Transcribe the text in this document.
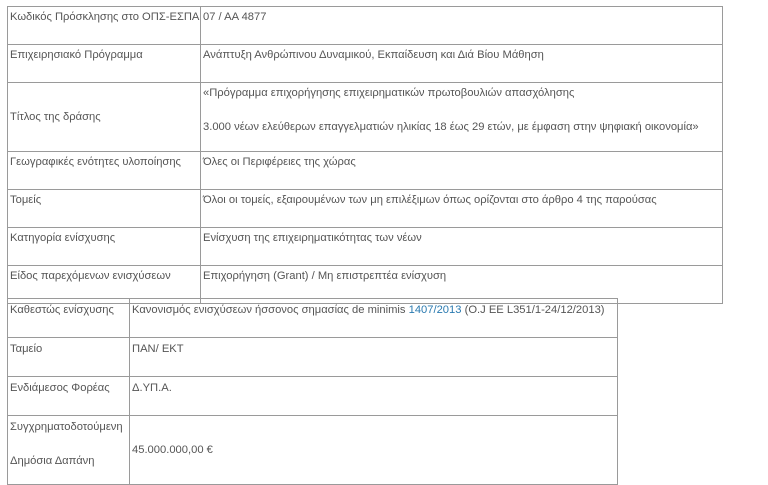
Κωδικός Πρόσκλησης στο ΟΠΣ-ΕΣΠΑ	07 / ΑΑ 4877
Επιχειρησιακό Πρόγραμμα	Ανάπτυξη Ανθρώπινου Δυναμικού, Εκπαίδευση και Διά Βίου Μάθηση
Τίτλος της δράσης	«Πρόγραμμα επιχορήγησης επιχειρηματικών πρωτοβουλιών απασχόλησης
3.000 νέων ελεύθερων επαγγελματιών ηλικίας 18 έως 29 ετών, με έμφαση στην ψηφιακή οικονομία»

Γεωγραφικές ενότητες υλοποίησης	Όλες οι Περιφέρειες της χώρας
Τομείς	Όλοι οι τομείς, εξαιρουμένων των μη επιλέξιμων όπως ορίζονται στο άρθρο 4 της παρούσας
Κατηγορία ενίσχυσης	Ενίσχυση της επιχειρηματικότητας των νέων
Είδος παρεχόμενων ενισχύσεων	Επιχορήγηση (Grant) / Μη επιστρεπτέα ενίσχυση
Καθεστώς ενίσχυσης	Κανονισμός ενισχύσεων ήσσονος σημασίας de minimis 1407/2013 (O.J EE L351/1-24/12/2013)
Ταμείο	ΠΑΝ/ ΕΚΤ
Ενδιάμεσος Φορέας	Δ.ΥΠ.Α.

Συγχρηματοδοτούμενη
Δημόσια Δαπάνη	45.000.000,00 €
